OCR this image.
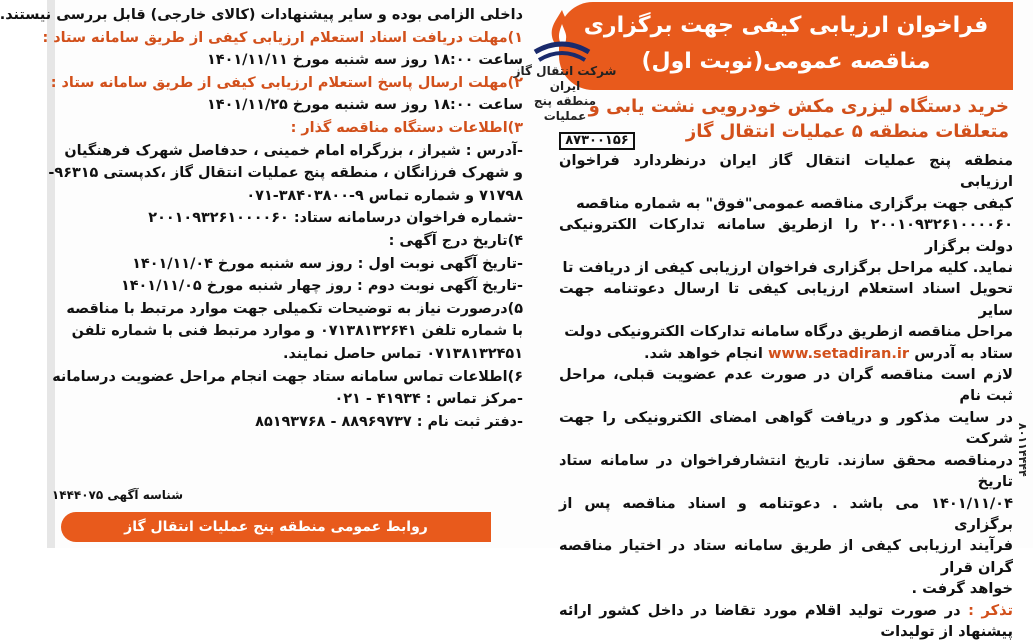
۸۰۱۱۴۴۴۴
فراخوان ارزیابی کیفی جهت برگزاری
مناقصه عمومی(نوبت اول)
خرید دستگاه لیزری مکش خودرویی نشت یابی و
متعلقات منطقه ۵ عملیات انتقال گاز
منطقه پنج عملیات انتقال گاز ایران درنظردارد فراخوان ارزیابی
کیفی جهت برگزاری مناقصه عمومی"فوق" به شماره مناقصه
۲۰۰۱۰۹۳۲۶۱۰۰۰۰۶۰ را ازطریق سامانه تدارکات الکترونیکی دولت برگزار
نماید. کلیه مراحل برگزاری فراخوان ارزیابی کیفی از دریافت تا
تحویل اسناد استعلام ارزیابی کیفی تا ارسال دعوتنامه جهت سایر
مراحل مناقصه ازطریق درگاه سامانه تدارکات الکترونیکی دولت
ستاد به آدرس www.setadiran.ir انجام خواهد شد.
لازم است مناقصه گران در صورت عدم عضویت قبلی، مراحل ثبت نام
در سایت مذکور و دریافت گواهی امضای الکترونیکی را جهت شرکت
درمناقصه محقق سازند. تاریخ انتشارفراخوان در سامانه ستاد تاریخ
۱۴۰۱/۱۱/۰۴ می باشد . دعوتنامه و اسناد مناقصه پس از برگزاری
فرآیند ارزیابی کیفی از طریق سامانه ستاد در اختیار مناقصه گران قرار
خواهد گرفت .
تذکر : در صورت تولید اقلام مورد تقاضا در داخل کشور ارائه پیشنهاد از تولیدات
شرکت انتقال گاز ایران
منطقه پنج عملیات
۸۷۳۰۰۱۵۶
داخلی الزامی بوده و سایر پیشنهادات (کالای خارجی) قابل بررسی نیستند.
۱)مهلت دریافت اسناد استعلام ارزیابی کیفی از طریق سامانه ستاد :
ساعت ۱۸:۰۰ روز سه شنبه مورخ ۱۴۰۱/۱۱/۱۱
۲)مهلت ارسال پاسخ استعلام ارزیابی کیفی از طریق سامانه ستاد :
ساعت ۱۸:۰۰ روز سه شنبه مورخ ۱۴۰۱/۱۱/۲۵
۳)اطلاعات دستگاه مناقصه گذار :
-آدرس : شیراز ، بزرگراه امام خمینی ، حدفاصل شهرک فرهنگیان
و شهرک فرزانگان ، منطقه پنج عملیات انتقال گاز ،کدپستی ۹۶۳۱۵-
۷۱۷۹۸ و شماره تماس ۹-۳۸۴۰۳۸۰۰-۰۷۱
-شماره فراخوان درسامانه ستاد: ۲۰۰۱۰۹۳۲۶۱۰۰۰۰۶۰
۴)تاریخ درج آگهی :
-تاریخ آگهی نوبت اول : روز سه شنبه مورخ ۱۴۰۱/۱۱/۰۴
-تاریخ آگهی نوبت دوم : روز چهار شنبه مورخ ۱۴۰۱/۱۱/۰۵
۵)درصورت نیاز به توضیحات تکمیلی جهت موارد مرتبط با مناقصه
با شماره تلفن ۰۷۱۳۸۱۳۲۶۴۱ و موارد مرتبط فنی با شماره تلفن
۰۷۱۳۸۱۳۲۴۵۱ تماس حاصل نمایند.
۶)اطلاعات تماس سامانه ستاد جهت انجام مراحل عضویت درسامانه
-مرکز تماس : ۴۱۹۳۴ - ۰۲۱
-دفتر ثبت نام : ۸۸۹۶۹۷۳۷ - ۸۵۱۹۳۷۶۸
شناسه آگهی ۱۴۴۴۰۷۵
روابط عمومی منطقه پنج عملیات انتقال گاز
